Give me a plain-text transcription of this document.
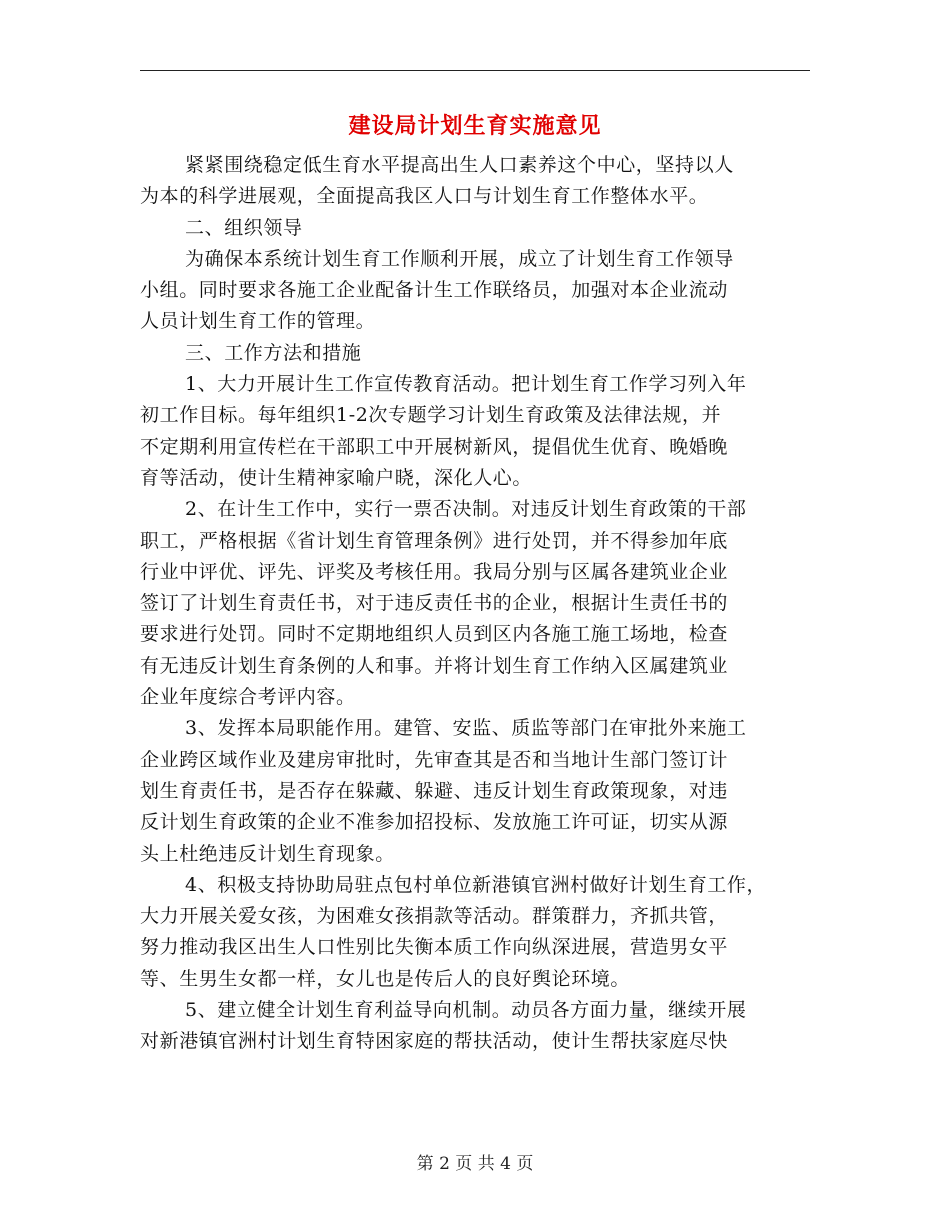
建设局计划生育实施意见
紧紧围绕稳定低生育水平提高出生人口素养这个中心，坚持以人
为本的科学进展观，全面提高我区人口与计划生育工作整体水平。
二、组织领导
为确保本系统计划生育工作顺利开展，成立了计划生育工作领导
小组。同时要求各施工企业配备计生工作联络员，加强对本企业流动
人员计划生育工作的管理。
三、工作方法和措施
1、大力开展计生工作宣传教育活动。把计划生育工作学习列入年
初工作目标。每年组织1-2次专题学习计划生育政策及法律法规，并
不定期利用宣传栏在干部职工中开展树新风，提倡优生优育、晚婚晚
育等活动，使计生精神家喻户晓，深化人心。
2、在计生工作中，实行一票否决制。对违反计划生育政策的干部
职工，严格根据《省计划生育管理条例》进行处罚，并不得参加年底
行业中评优、评先、评奖及考核任用。我局分别与区属各建筑业企业
签订了计划生育责任书，对于违反责任书的企业，根据计生责任书的
要求进行处罚。同时不定期地组织人员到区内各施工施工场地，检查
有无违反计划生育条例的人和事。并将计划生育工作纳入区属建筑业
企业年度综合考评内容。
3、发挥本局职能作用。建管、安监、质监等部门在审批外来施工
企业跨区域作业及建房审批时，先审查其是否和当地计生部门签订计
划生育责任书，是否存在躲藏、躲避、违反计划生育政策现象，对违
反计划生育政策的企业不准参加招投标、发放施工许可证，切实从源
头上杜绝违反计划生育现象。
4、积极支持协助局驻点包村单位新港镇官洲村做好计划生育工作，
大力开展关爱女孩，为困难女孩捐款等活动。群策群力，齐抓共管，
努力推动我区出生人口性别比失衡本质工作向纵深进展，营造男女平
等、生男生女都一样，女儿也是传后人的良好舆论环境。
5、建立健全计划生育利益导向机制。动员各方面力量，继续开展
对新港镇官洲村计划生育特困家庭的帮扶活动，使计生帮扶家庭尽快
第 2 页 共 4 页
